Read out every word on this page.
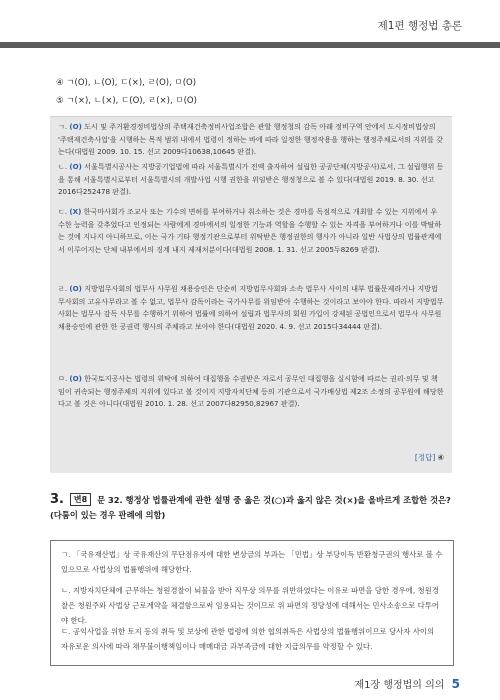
제1편 행정법 총론
④ ㄱ(O), ㄴ(O), ㄷ(×), ㄹ(O), ㅁ(O)
⑤ ㄱ(×), ㄴ(×), ㄷ(O), ㄹ(×), ㅁ(O)

ㄱ. (O) 도시 및 주거환경정비법상의 주택재건축정비사업조합은 관할 행정청의 감독 아래 정비구역 안에서 도시정비법상의 '주택재건축사업'을 시행하는 목적 범위 내에서 법령이 정하는 바에 따라 일정한 행정작용을 행하는 행정주체로서의 지위를 갖는다(대법원 2009. 10. 15. 선고 2009다10638,10645 판결).

ㄴ. (O) 서울특별시공사는 지방공기업법에 따라 서울특별시가 전액 출자하여 설립한 공공단체(지방공사)로서, 그 설립행위 등을 통해 서울특별시로부터 서울특별시의 개발사업 시행 권한을 위임받은 행정청으로 볼 수 있다(대법원 2019. 8. 30. 선고 2016다252478 판결).

ㄷ. (X) 한국마사회가 조교사 또는 기수의 면허를 부여하거나 취소하는 것은 경마를 독점적으로 개최할 수 있는 지위에서 우수한 능력을 갖추었다고 인정되는 사람에게 경마에서의 일정한 기능과 역할을 수행할 수 있는 자격을 부여하거나 이를 박탈하는 것에 지나지 아니하므로, 이는 국가 기타 행정기관으로부터 위탁받은 행정권한의 행사가 아니라 일반 사법상의 법률관계에서 이루어지는 단체 내부에서의 징계 내지 제재처분이다(대법원 2008. 1. 31. 선고 2005두8269 판결).

ㄹ. (O) 지방법무사회의 법무사 사무원 채용승인은 단순히 지방법무사회와 소속 법무사 사이의 내부 법률문제라거나 지방법무사회의 고유사무라고 볼 수 없고, 법무사 감독이라는 국가사무를 위임받아 수행하는 것이라고 보아야 한다. 따라서 지방법무사회는 법무사 감독 사무를 수행하기 위하여 법률에 의하여 설립과 법무사의 회원 가입이 강제된 공법인으로서 법무사 사무원 채용승인에 관한 한 공권력 행사의 주체라고 보아야 한다(대법원 2020. 4. 9. 선고 2015다34444 판결).

ㅁ. (O) 한국토지공사는 법령의 위탁에 의하여 대집행을 수권받은 자로서 공무인 대집행을 실시함에 따르는 권리·의무 및 책임이 귀속되는 행정주체의 지위에 있다고 볼 것이지 지방자치단체 등의 기관으로서 국가배상법 제2조 소정의 공무원에 해당한다고 볼 것은 아니다(대법원 2010. 1. 28. 선고 2007다82950,82967 판결).

[정답] ④
3. 변8 문 32. 행정상 법률관계에 관한 설명 중 옳은 것(○)과 옳지 않은 것(×)을 올바르게 조합한 것은? (다툼이 있는 경우 판례에 의함)

ㄱ. 「국유재산법」상 국유재산의 무단점유자에 대한 변상금의 부과는 「민법」상 부당이득 반환청구권의 행사로 볼 수 있으므로 사법상의 법률행위에 해당한다.

ㄴ. 지방자치단체에 근무하는 청원경찰이 뇌물을 받아 직무상 의무를 위반하였다는 이유로 파면을 당한 경우에, 청원경찰은 청원주와 사법상 근로계약을 체결함으로써 임용되는 것이므로 위 파면의 정당성에 대해서는 민사소송으로 다투어야 한다.

ㄷ. 공익사업을 위한 토지 등의 취득 및 보상에 관한 법령에 의한 협의취득은 사법상의 법률행위이므로 당사자 사이의 자유로운 의사에 따라 채무불이행책임이나 매매대금 과부족금에 대한 지급의무를 약정할 수 있다.

제1장 행정법의 의의 5
